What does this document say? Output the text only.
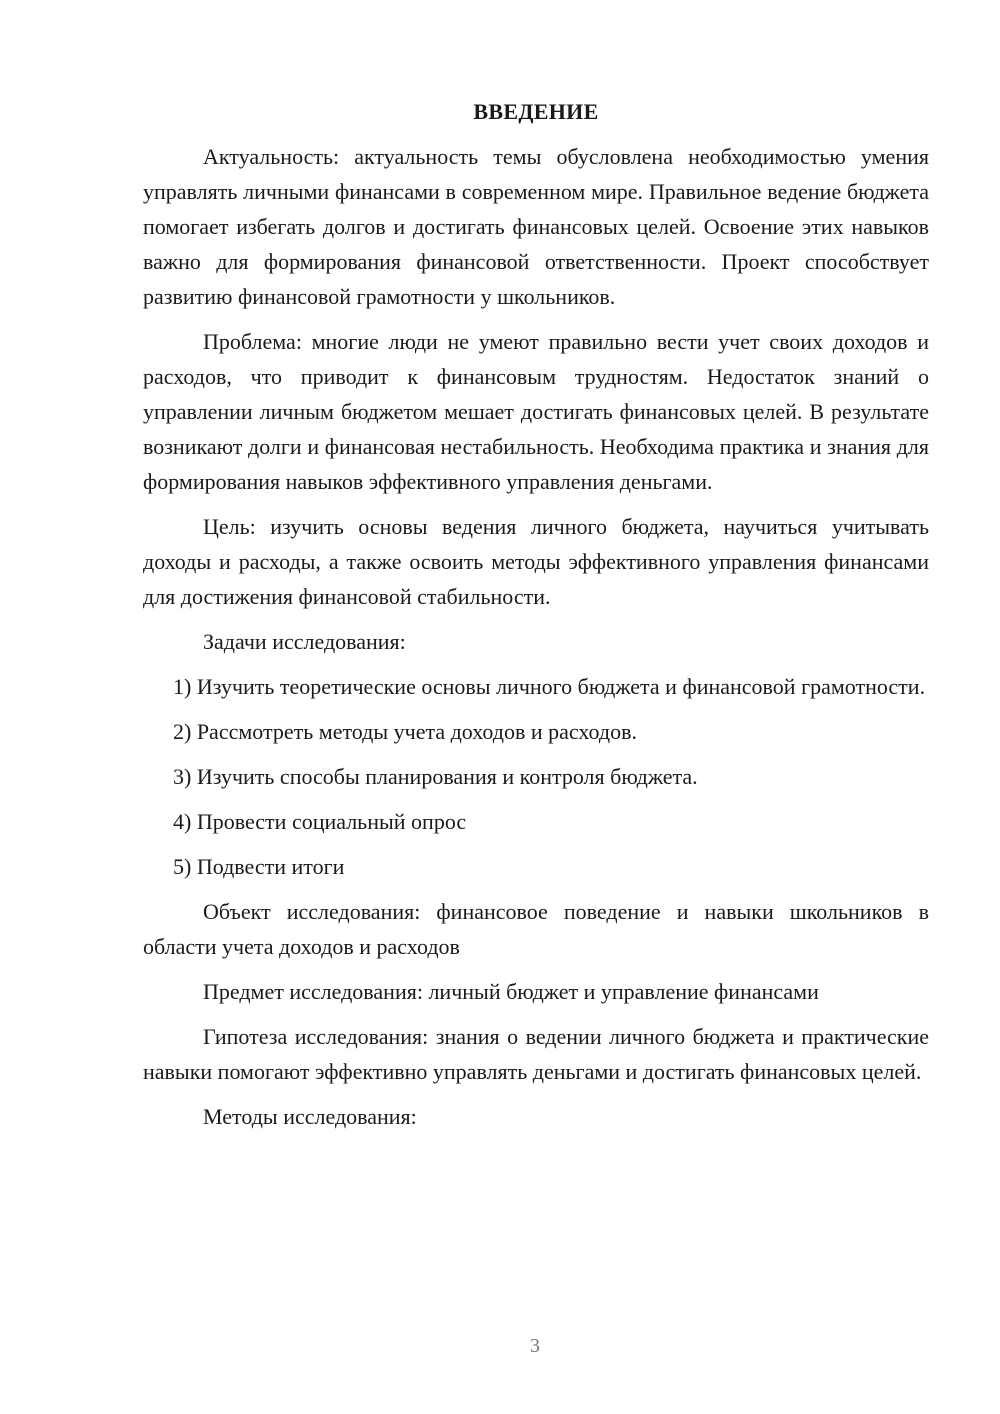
ВВЕДЕНИЕ

Актуальность: актуальность темы обусловлена необходимостью умения управлять личными финансами в современном мире. Правильное ведение бюджета помогает избегать долгов и достигать финансовых целей. Освоение этих навыков важно для формирования финансовой ответственности. Проект способствует развитию финансовой грамотности у школьников.

Проблема: многие люди не умеют правильно вести учет своих доходов и расходов, что приводит к финансовым трудностям. Недостаток знаний о управлении личным бюджетом мешает достигать финансовых целей. В результате возникают долги и финансовая нестабильность. Необходима практика и знания для формирования навыков эффективного управления деньгами.

Цель: изучить основы ведения личного бюджета, научиться учитывать доходы и расходы, а также освоить методы эффективного управления финансами для достижения финансовой стабильности.

Задачи исследования:

1) Изучить теоретические основы личного бюджета и финансовой грамотности.

2) Рассмотреть методы учета доходов и расходов.

3) Изучить способы планирования и контроля бюджета.

4) Провести социальный опрос

5) Подвести итоги

Объект исследования: финансовое поведение и навыки школьников в области учета доходов и расходов

Предмет исследования: личный бюджет и управление финансами

Гипотеза исследования: знания о ведении личного бюджета и практические навыки помогают эффективно управлять деньгами и достигать финансовых целей.

Методы исследования:

3
